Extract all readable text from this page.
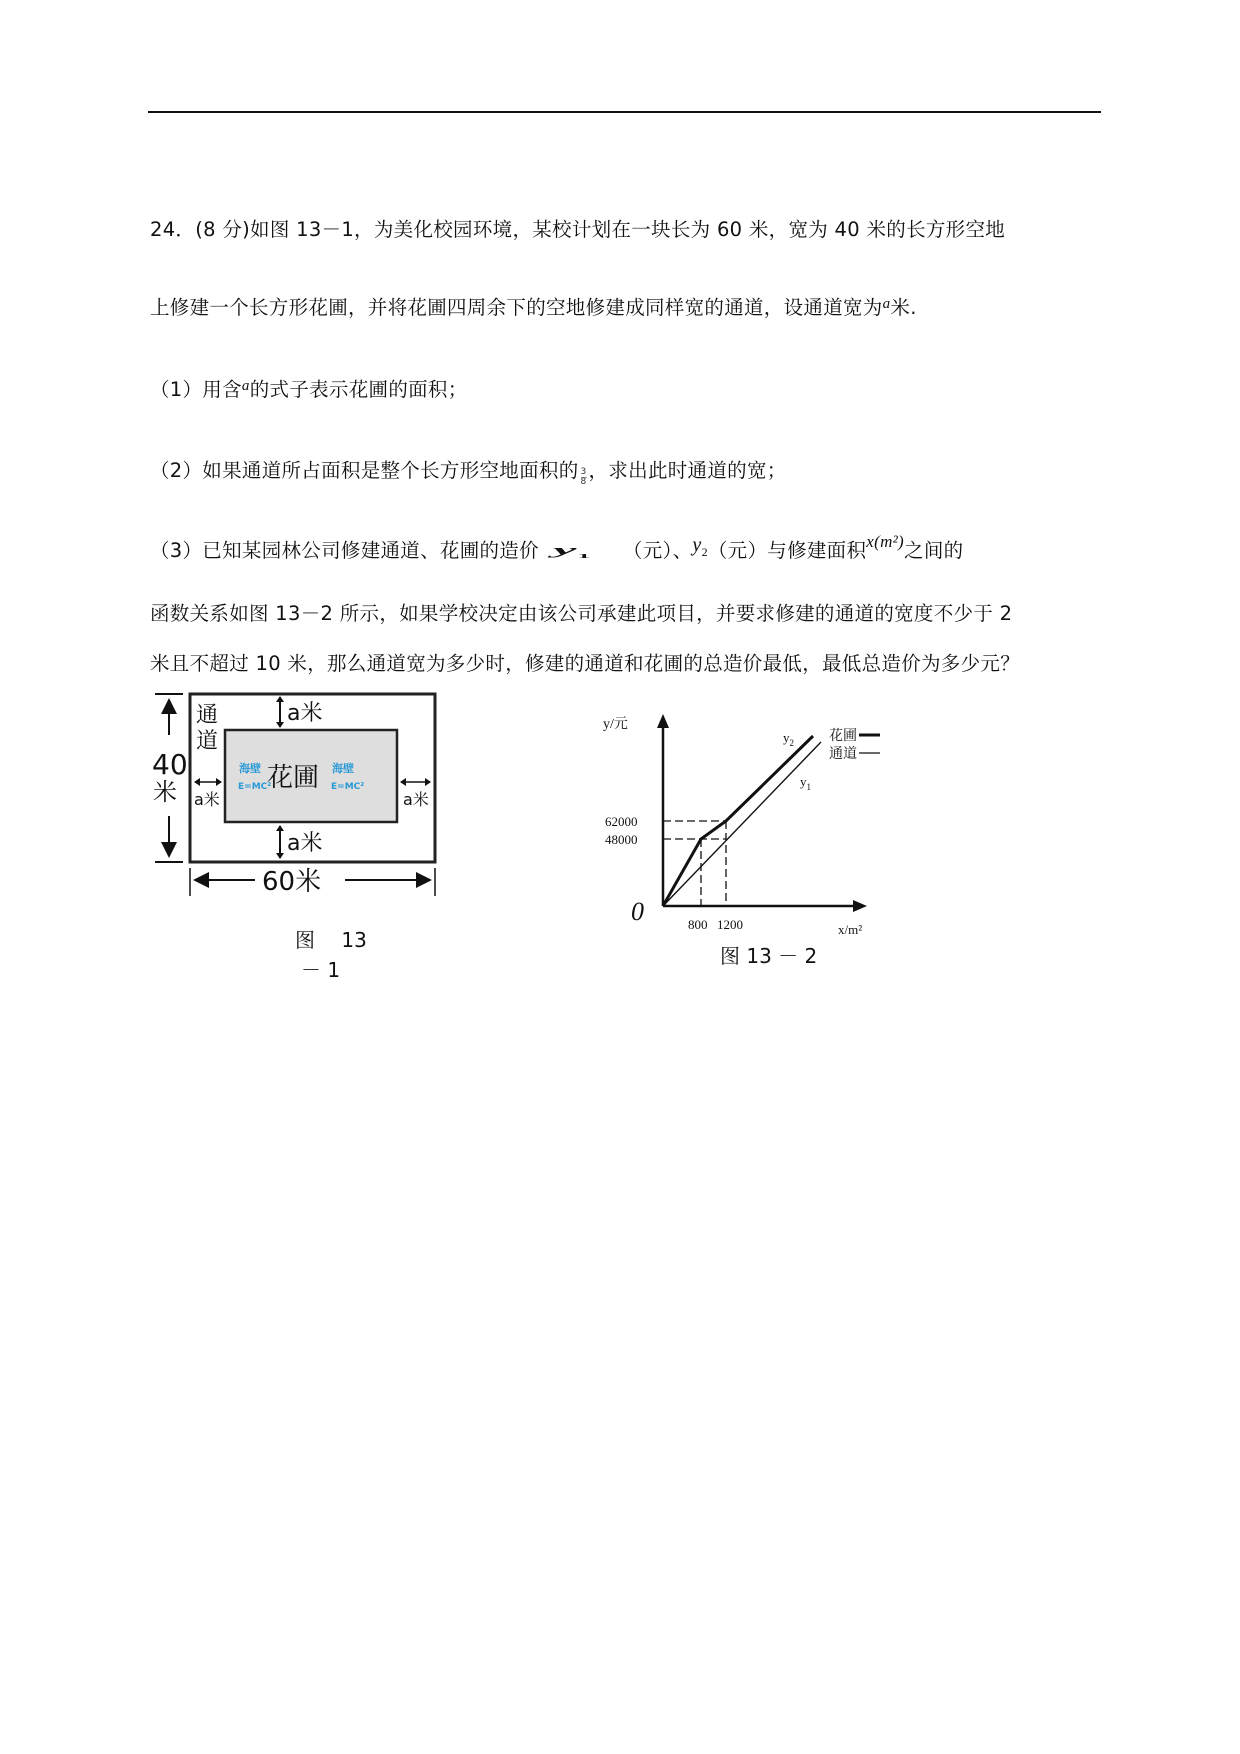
24．(8 分)如图 13－1，为美化校园环境，某校计划在一块长为 60 米，宽为 40 米的长方形空地
上修建一个长方形花圃，并将花圃四周余下的空地修建成同样宽的通道，设通道宽为$^a$米.
（1）用含$^a$的式子表示花圃的面积；
（2）如果通道所占面积是整个长方形空地面积的 $\frac{3}{8}$ ，求出此时通道的宽；
（3）已知某园林公司修建通道、花圃的造价 $y_1$ （元）、$y_2$（元）与修建面积x(m²)之间的
函数关系如图 13－2 所示，如果学校决定由该公司承建此项目，并要求修建的通道的宽度不少于 2
米且不超过 10 米，那么通道宽为多少时，修建的通道和花圃的总造价最低，最低总造价为多少元？
40
米
60米
通
道
a米
a米
a米	a米
花圃
海壁
E=MC²
海壁
E=MC²
图　 13
－ 1
y/元
x/m²
0
62000
48000
800 1200
$y_2$
$y_1$
花圃
通道
图 13 － 2
